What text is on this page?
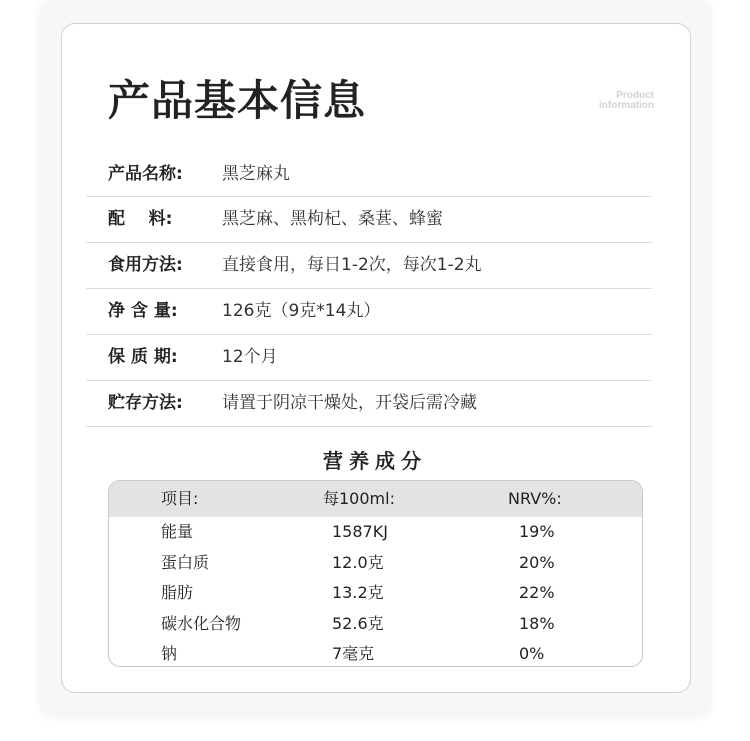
产品基本信息	Product
information
产品名称: 黑芝麻丸
配    料:	黑芝麻、黑枸杞、桑葚、蜂蜜
食用方法: 直接食用，每日1-2次，每次1-2丸
净 含 量:	126克（9克*14丸）
保 质 期:	12个月
贮存方法: 请置于阴凉干燥处，开袋后需冷藏
营养成分
项目:	每100ml:	NRV%:
能量	1587KJ	19%
蛋白质	12.0克	20%
脂肪	13.2克	22%
碳水化合物	52.6克	18%
钠	7毫克	0%
